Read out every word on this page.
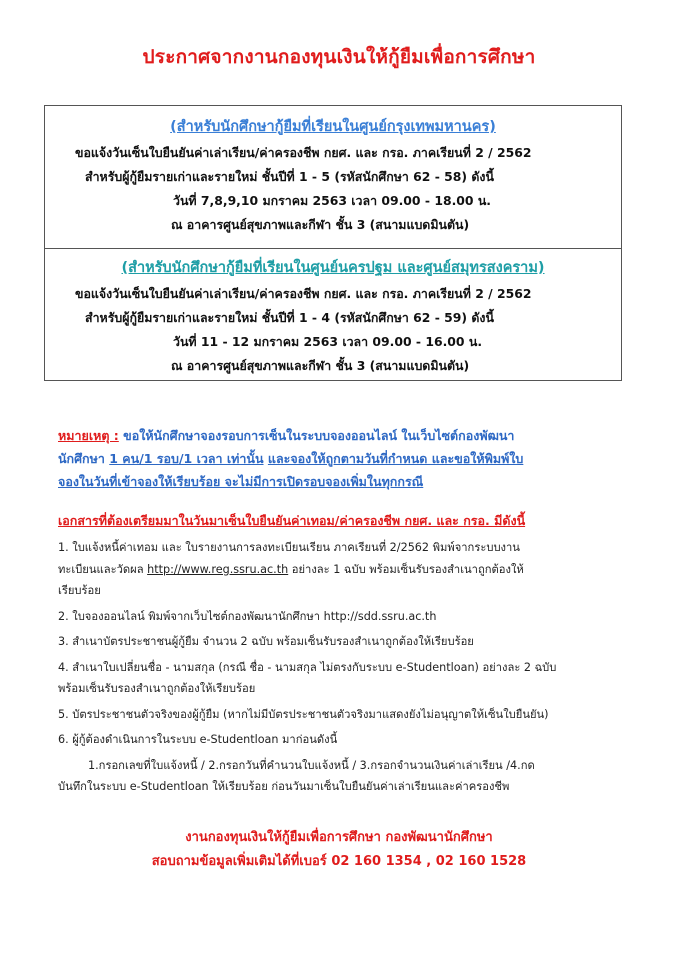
ประกาศจากงานกองทุนเงินให้กู้ยืมเพื่อการศึกษา
(สำหรับนักศึกษากู้ยืมที่เรียนในศูนย์กรุงเทพมหานคร)
ขอแจ้งวันเซ็นใบยืนยันค่าเล่าเรียน/ค่าครองชีพ กยศ. และ กรอ. ภาคเรียนที่ 2 / 2562
สำหรับผู้กู้ยืมรายเก่าและรายใหม่ ชั้นปีที่ 1 - 5 (รหัสนักศึกษา 62 - 58) ดังนี้
วันที่ 7,8,9,10 มกราคม 2563 เวลา 09.00 - 18.00 น.
ณ อาคารศูนย์สุขภาพและกีฬา ชั้น 3 (สนามแบดมินตัน)
(สำหรับนักศึกษากู้ยืมที่เรียนในศูนย์นครปฐม และศูนย์สมุทรสงคราม)
ขอแจ้งวันเซ็นใบยืนยันค่าเล่าเรียน/ค่าครองชีพ กยศ. และ กรอ. ภาคเรียนที่ 2 / 2562
สำหรับผู้กู้ยืมรายเก่าและรายใหม่ ชั้นปีที่ 1 - 4 (รหัสนักศึกษา 62 - 59) ดังนี้
วันที่ 11 - 12 มกราคม 2563 เวลา 09.00 - 16.00 น.
ณ อาคารศูนย์สุขภาพและกีฬา ชั้น 3 (สนามแบดมินตัน)
หมายเหตุ : ขอให้นักศึกษาจองรอบการเซ็นในระบบจองออนไลน์ ในเว็บไซต์กองพัฒนา
นักศึกษา 1 คน/1 รอบ/1 เวลา เท่านั้น และจองให้ถูกตามวันที่กำหนด และขอให้พิมพ์ใบ
จองในวันที่เข้าจองให้เรียบร้อย จะไม่มีการเปิดรอบจองเพิ่มในทุกกรณี
เอกสารที่ต้องเตรียมมาในวันมาเซ็นใบยืนยันค่าเทอม/ค่าครองชีพ กยศ. และ กรอ. มีดังนี้
1. ใบแจ้งหนี้ค่าเทอม และ ใบรายงานการลงทะเบียนเรียน ภาคเรียนที่ 2/2562 พิมพ์จากระบบงาน
ทะเบียนและวัดผล http://www.reg.ssru.ac.th อย่างละ 1 ฉบับ พร้อมเซ็นรับรองสำเนาถูกต้องให้
เรียบร้อย
2. ใบจองออนไลน์ พิมพ์จากเว็บไซต์กองพัฒนานักศึกษา http://sdd.ssru.ac.th
3. สำเนาบัตรประชาชนผู้กู้ยืม จำนวน 2 ฉบับ พร้อมเซ็นรับรองสำเนาถูกต้องให้เรียบร้อย
4. สำเนาใบเปลี่ยนชื่อ - นามสกุล (กรณี ชื่อ - นามสกุล ไม่ตรงกับระบบ e-Studentloan) อย่างละ 2 ฉบับ
พร้อมเซ็นรับรองสำเนาถูกต้องให้เรียบร้อย
5. บัตรประชาชนตัวจริงของผู้กู้ยืม (หากไม่มีบัตรประชาชนตัวจริงมาแสดงยังไม่อนุญาตให้เซ็นใบยืนยัน)
6. ผู้กู้ต้องดำเนินการในระบบ e-Studentloan มาก่อนดังนี้
1.กรอกเลขที่ใบแจ้งหนี้ / 2.กรอกวันที่คำนวนใบแจ้งหนี้ / 3.กรอกจำนวนเงินค่าเล่าเรียน /4.กด
บันทึกในระบบ e-Studentloan ให้เรียบร้อย ก่อนวันมาเซ็นใบยืนยันค่าเล่าเรียนและค่าครองชีพ
งานกองทุนเงินให้กู้ยืมเพื่อการศึกษา กองพัฒนานักศึกษา
สอบถามข้อมูลเพิ่มเติมได้ที่เบอร์ 02 160 1354 , 02 160 1528
